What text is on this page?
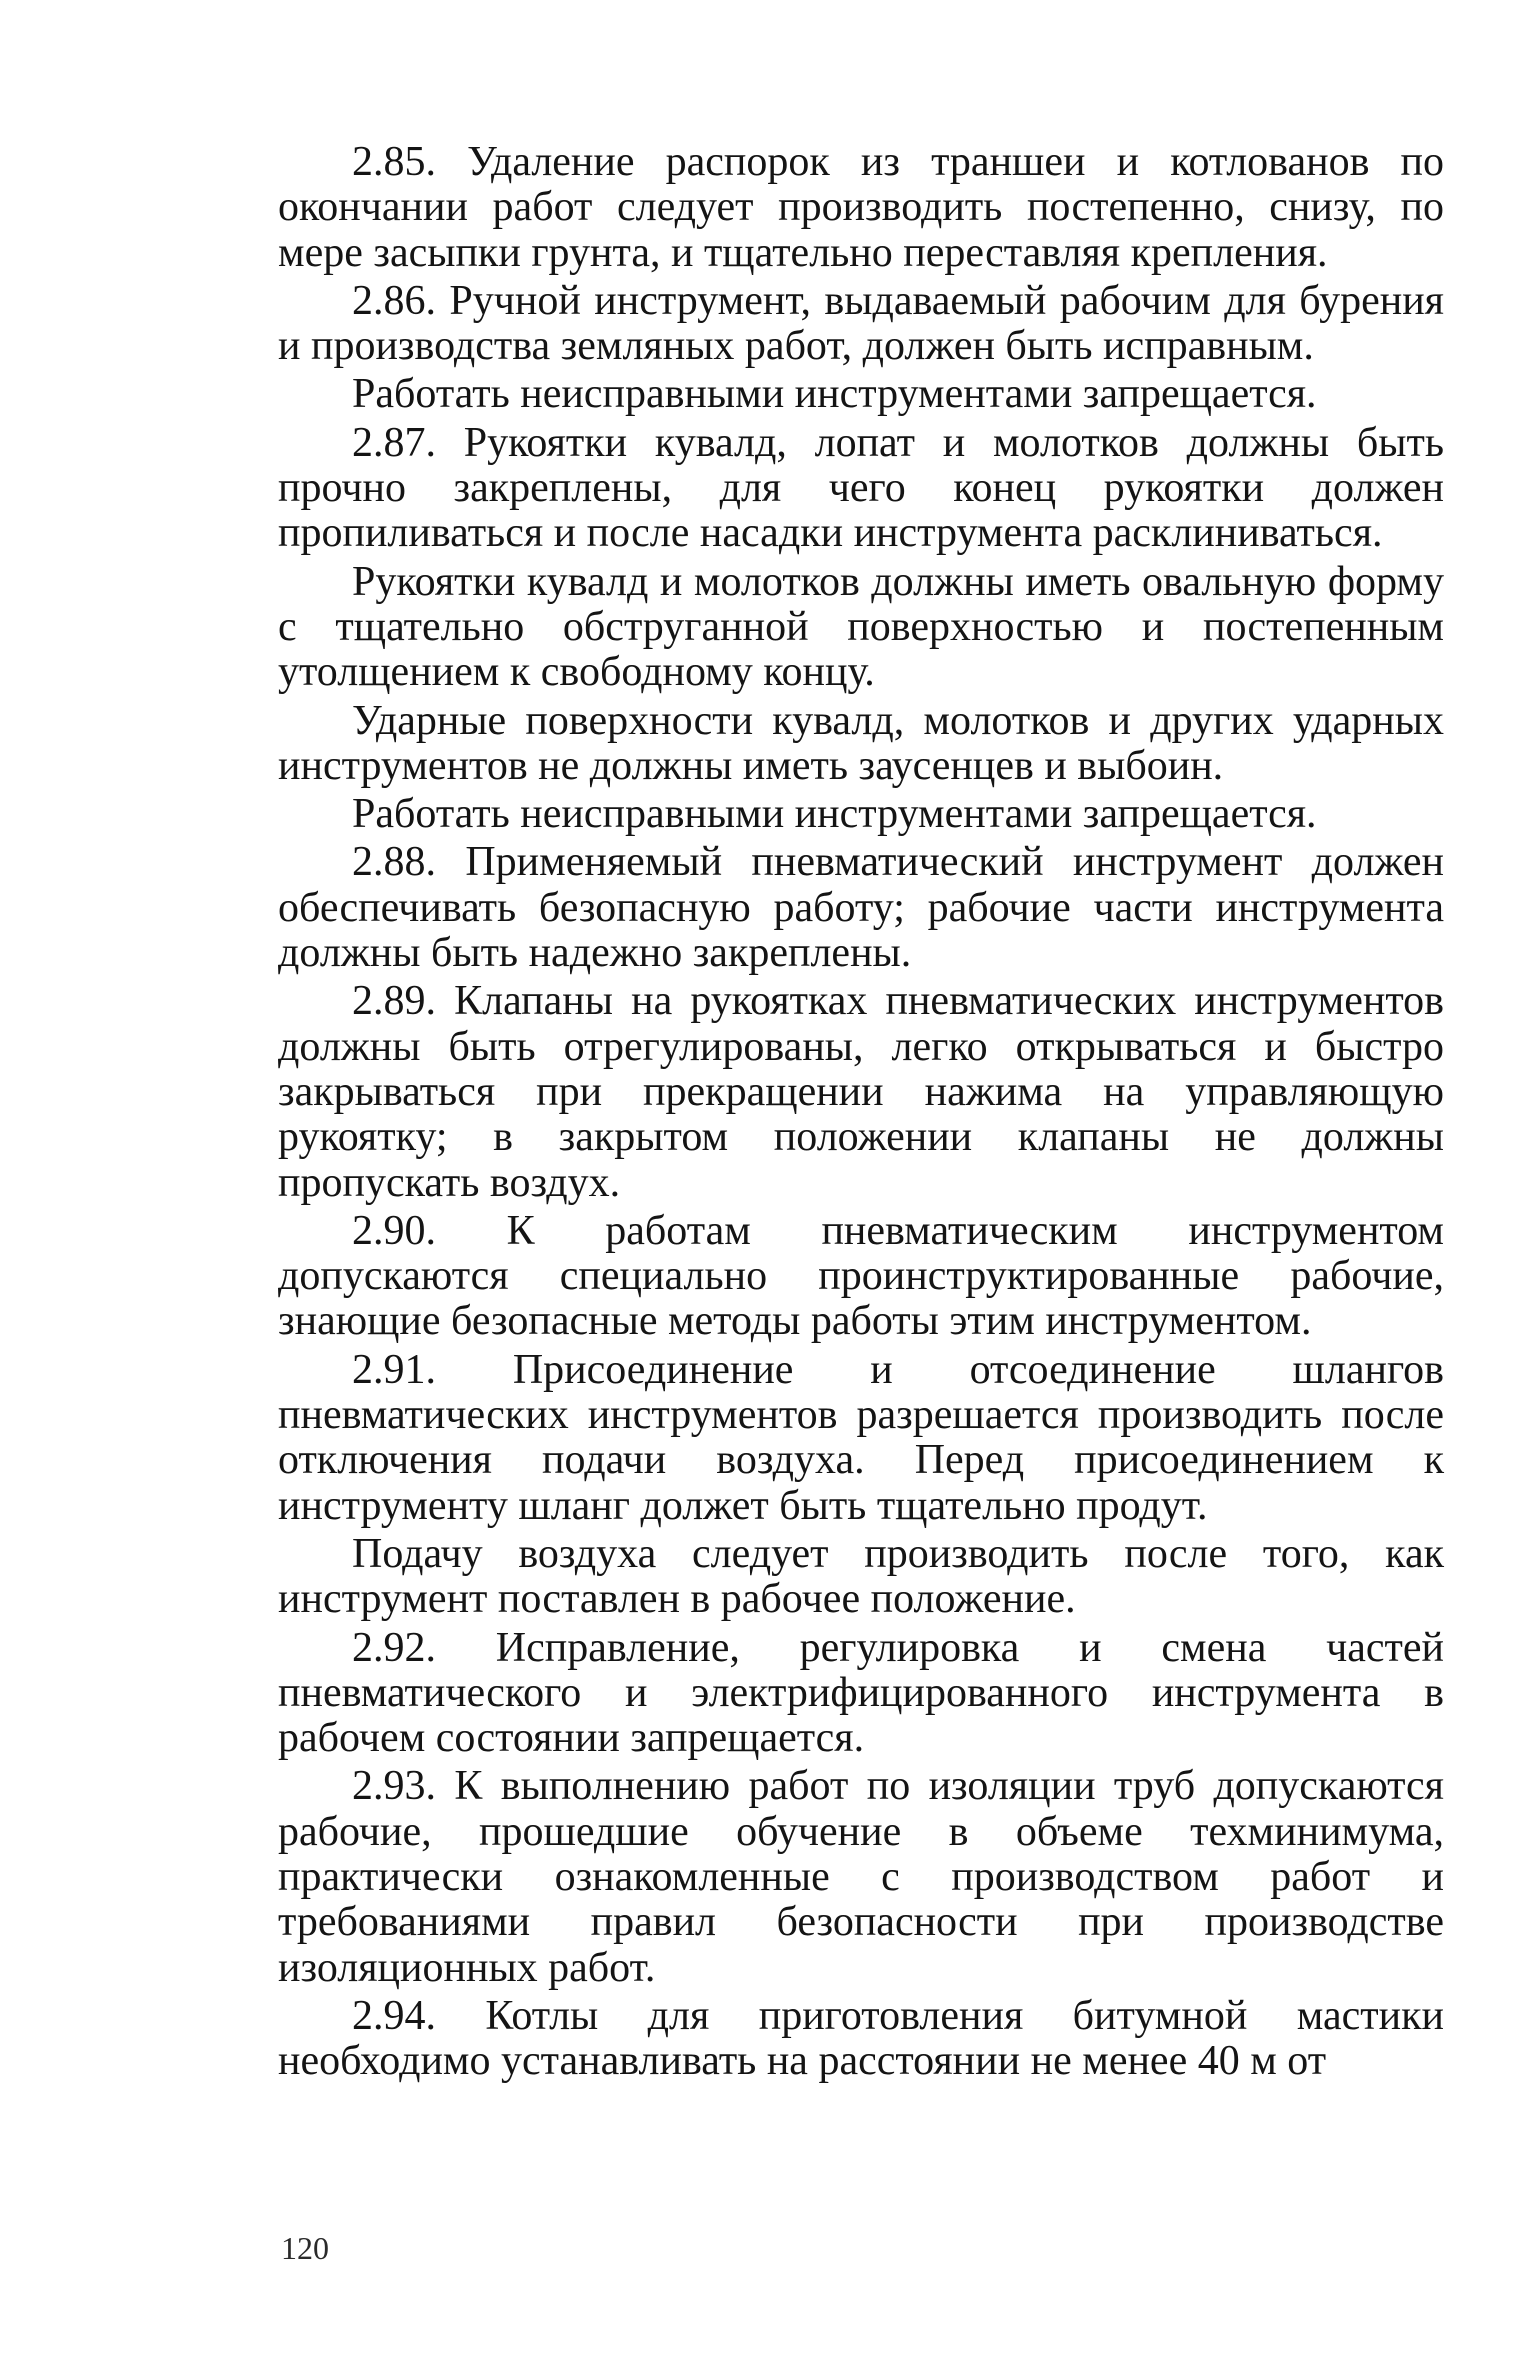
2.85. Удаление распорок из траншеи и котлованов по окончании работ следует производить постепенно, снизу, по мере засыпки грунта, и тщательно переставляя крепления.

2.86. Ручной инструмент, выдаваемый рабочим для бурения и производства земляных работ, должен быть исправным.

Работать неисправными инструментами запрещается.

2.87. Рукоятки кувалд, лопат и молотков должны быть прочно закреплены, для чего конец рукоятки должен пропиливаться и после насадки инструмента расклиниваться.

Рукоятки кувалд и молотков должны иметь овальную форму с тщательно обструганной поверхностью и постепенным утолщением к свободному концу.

Ударные поверхности кувалд, молотков и других ударных инструментов не должны иметь заусенцев и выбоин.

Работать неисправными инструментами запрещается.

2.88. Применяемый пневматический инструмент должен обеспечивать безопасную работу; рабочие части инструмента должны быть надежно закреплены.

2.89. Клапаны на рукоятках пневматических инструментов должны быть отрегулированы, легко открываться и быстро закрываться при прекращении нажима на управляющую рукоятку; в закрытом положении клапаны не должны пропускать воздух.

2.90. К работам пневматическим инструментом допускаются специально проинструктированные рабочие, знающие безопасные методы работы этим инструментом.

2.91. Присоединение и отсоединение шлангов пневматических инструментов разрешается производить после отключения подачи воздуха. Перед присоединением к инструменту шланг должет быть тщательно продут.

Подачу воздуха следует производить после того, как инструмент поставлен в рабочее положение.

2.92. Исправление, регулировка и смена частей пневматического и электрифицированного инструмента в рабочем состоянии запрещается.

2.93. К выполнению работ по изоляции труб допускаются рабочие, прошедшие обучение в объеме техминимума, практически ознакомленные с производством работ и требованиями правил безопасности при производстве изоляционных работ.

2.94. Котлы для приготовления битумной мастики необходимо устанавливать на расстоянии не менее 40 м от

120
